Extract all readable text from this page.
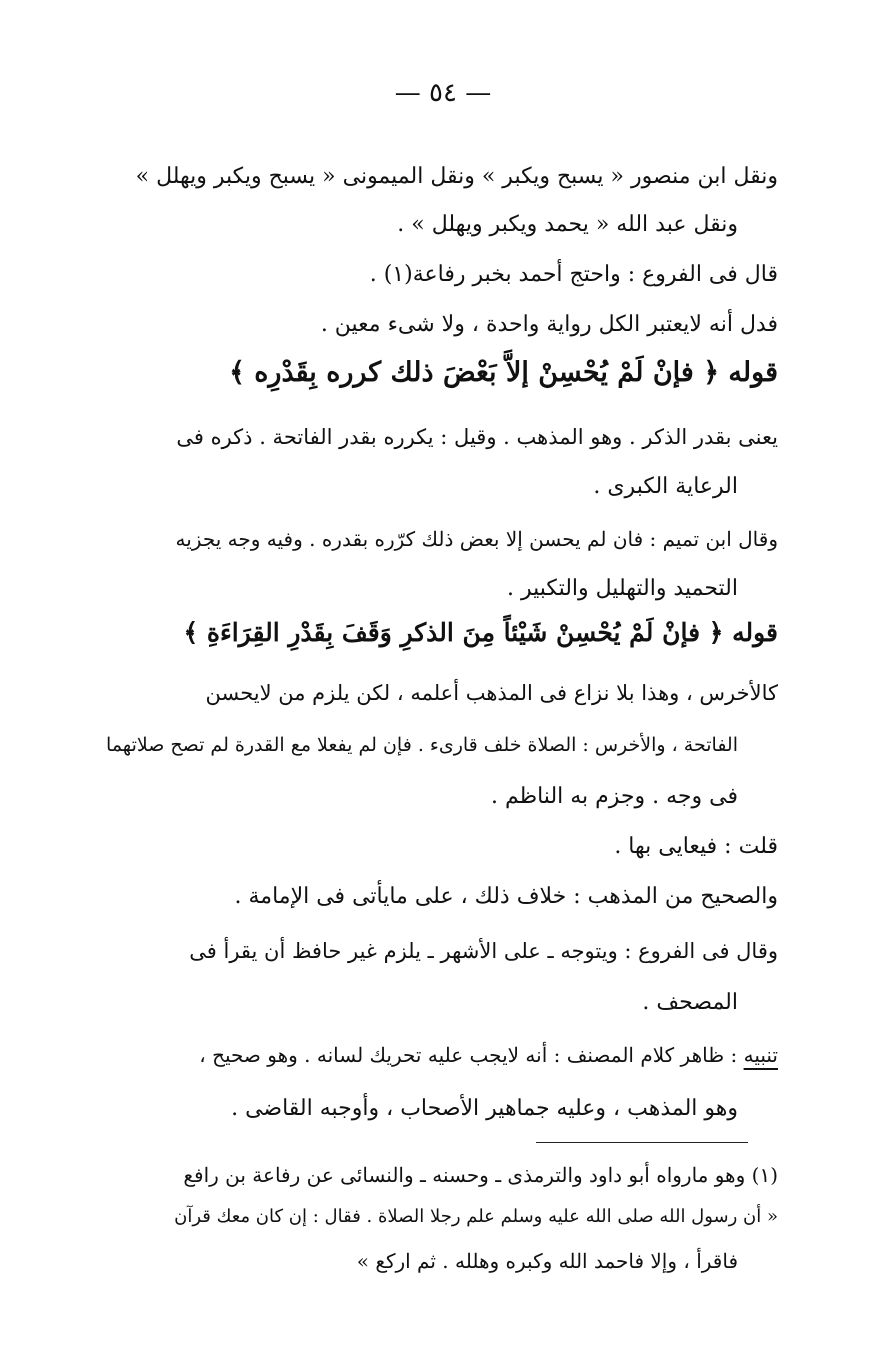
— ٥٤ —
ونقل ابن منصور « يسبح ويكبر » ونقل الميمونى « يسبح ويكبر ويهلل »
ونقل عبد الله « يحمد ويكبر ويهلل » .
قال فى الفروع : واحتج أحمد بخبر رفاعة(١) .
فدل أنه لايعتبر الكل رواية واحدة ، ولا شىء معين .
قوله ﴿ فإنْ لَمْ يُحْسِنْ إلاَّ بَعْضَ ذلك كرره بِقَدْرِه ﴾
يعنى بقدر الذكر . وهو المذهب . وقيل : يكرره بقدر الفاتحة . ذكره فى
الرعاية الكبرى .
وقال ابن تميم : فان لم يحسن إلا بعض ذلك كرّره بقدره . وفيه وجه يجزيه
التحميد والتهليل والتكبير .
قوله ﴿ فإنْ لَمْ يُحْسِنْ شَيْئاً مِنَ الذكرِ وَقَفَ بِقَدْرِ القِرَاءَةِ ﴾
كالأخرس ، وهذا بلا نزاع فى المذهب أعلمه ، لكن يلزم من لايحسن
الفاتحة ، والأخرس : الصلاة خلف قارىء . فإن لم يفعلا مع القدرة لم تصح صلاتهما
فى وجه . وجزم به الناظم .
قلت : فيعايى بها .
والصحيح من المذهب : خلاف ذلك ، على مايأتى فى الإمامة .
وقال فى الفروع : ويتوجه ـ على الأشهر ـ يلزم غير حافظ أن يقرأ فى
المصحف .
تنبيه : ظاهر كلام المصنف : أنه لايجب عليه تحريك لسانه . وهو صحيح ،
وهو المذهب ، وعليه جماهير الأصحاب ، وأوجبه القاضى .
(١) وهو مارواه أبو داود والترمذى ـ وحسنه ـ والنسائى عن رفاعة بن رافع
« أن رسول الله صلى الله عليه وسلم علم رجلا الصلاة . فقال : إن كان معك قرآن
فاقرأ ، وإلا فاحمد الله وكبره وهلله . ثم اركع »
